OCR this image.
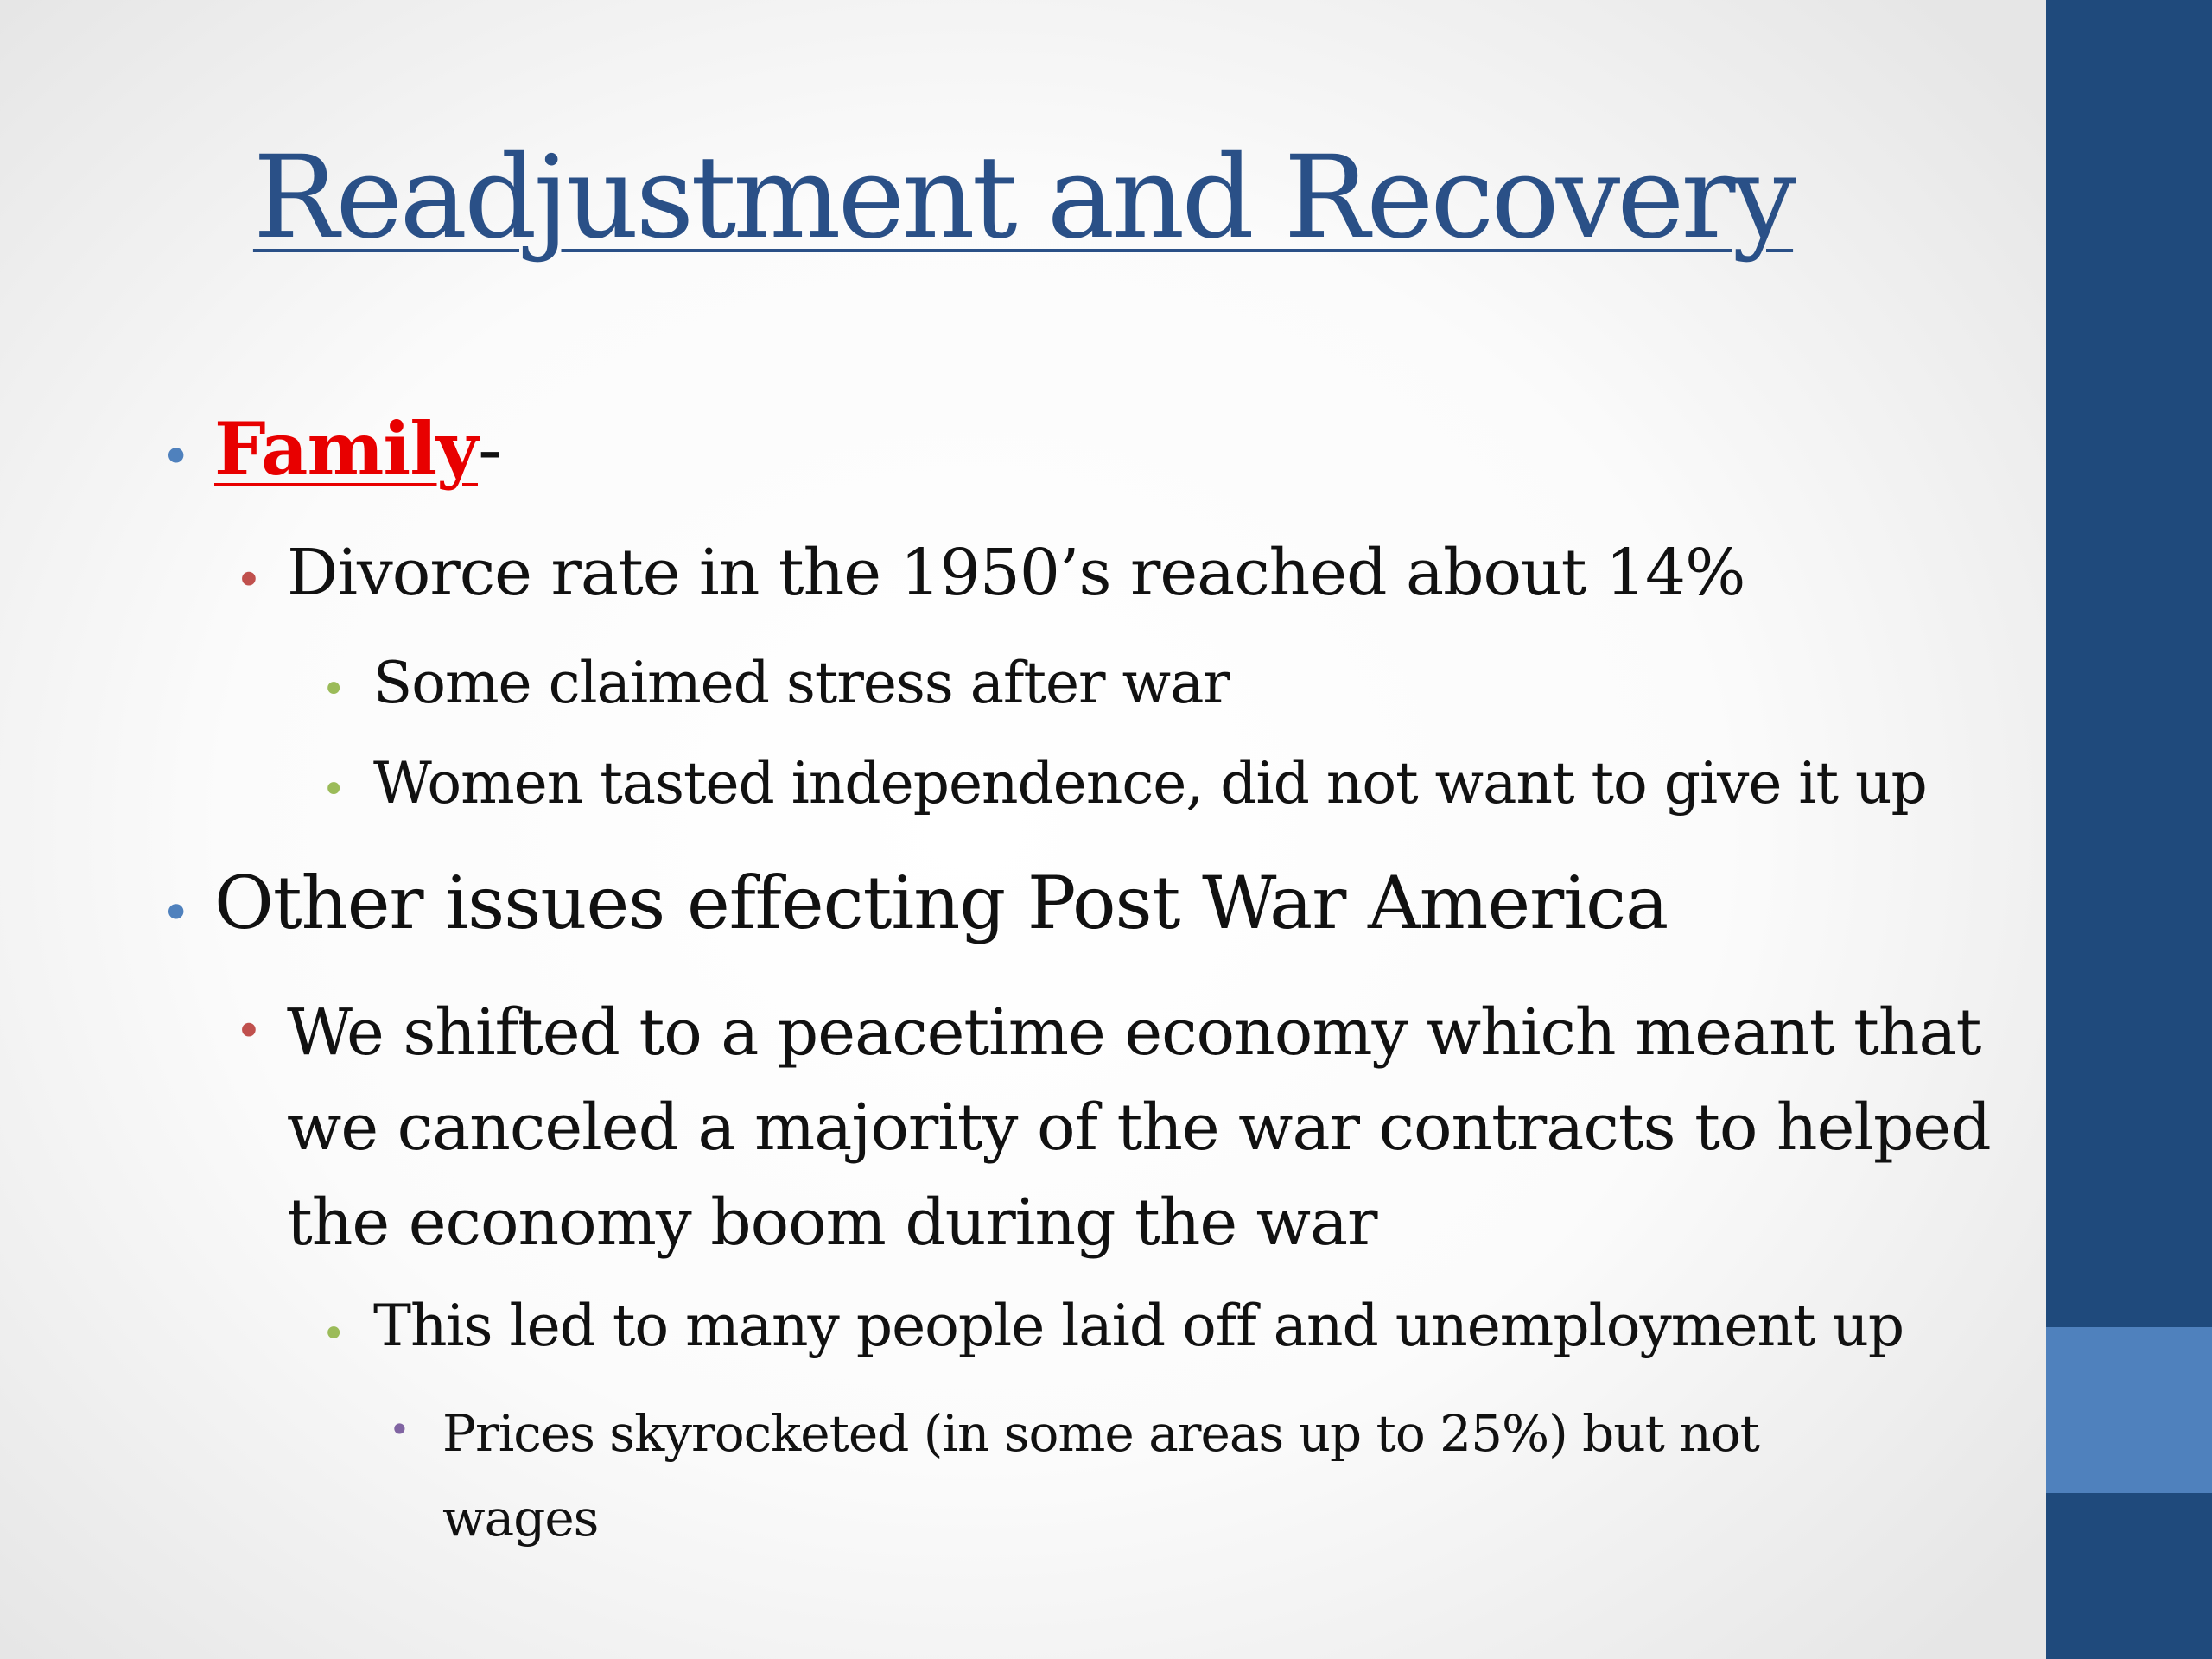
Readjustment and Recovery
• Family-
• Divorce rate in the 1950’s reached about 14%
• Some claimed stress after war
• Women tasted independence, did not want to give it up
• Other issues effecting Post War America
• We shifted to a peacetime economy which meant that we canceled a majority of the war contracts to helped the economy boom during the war
• This led to many people laid off and unemployment up
• Prices skyrocketed (in some areas up to 25%) but not wages
